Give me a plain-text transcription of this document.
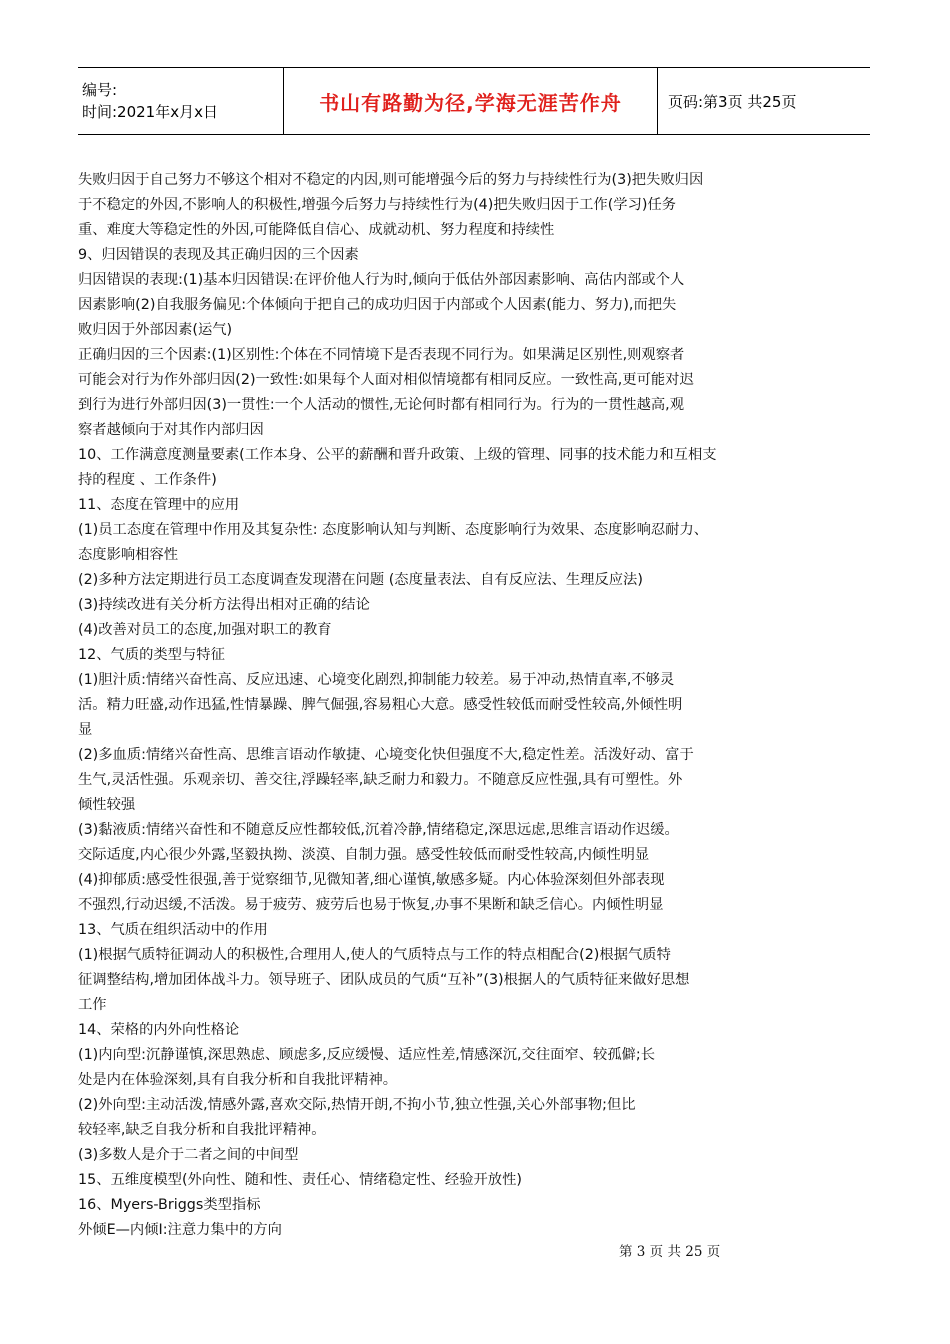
编号:
时间:2021年x月x日	书山有路勤为径,学海无涯苦作舟	页码:第3页 共25页
失败归因于自己努力不够这个相对不稳定的内因,则可能增强今后的努力与持续性行为(3)把失败归因
于不稳定的外因,不影响人的积极性,增强今后努力与持续性行为(4)把失败归因于工作(学习)任务
重、难度大等稳定性的外因,可能降低自信心、成就动机、努力程度和持续性
9、归因错误的表现及其正确归因的三个因素
归因错误的表现:(1)基本归因错误:在评价他人行为时,倾向于低估外部因素影响、高估内部或个人
因素影响(2)自我服务偏见:个体倾向于把自己的成功归因于内部或个人因素(能力、努力),而把失
败归因于外部因素(运气)
正确归因的三个因素:(1)区别性:个体在不同情境下是否表现不同行为。如果满足区别性,则观察者
可能会对行为作外部归因(2)一致性:如果每个人面对相似情境都有相同反应。一致性高,更可能对迟
到行为进行外部归因(3)一贯性:一个人活动的惯性,无论何时都有相同行为。行为的一贯性越高,观
察者越倾向于对其作内部归因
10、工作满意度测量要素(工作本身、公平的薪酬和晋升政策、上级的管理、同事的技术能力和互相支
持的程度 、工作条件)
11、态度在管理中的应用
(1)员工态度在管理中作用及其复杂性: 态度影响认知与判断、态度影响行为效果、态度影响忍耐力、
态度影响相容性
(2)多种方法定期进行员工态度调查发现潜在问题 (态度量表法、自有反应法、生理反应法)
(3)持续改进有关分析方法得出相对正确的结论
(4)改善对员工的态度,加强对职工的教育
12、气质的类型与特征
(1)胆汁质:情绪兴奋性高、反应迅速、心境变化剧烈,抑制能力较差。易于冲动,热情直率,不够灵
活。精力旺盛,动作迅猛,性情暴躁、脾气倔强,容易粗心大意。感受性较低而耐受性较高,外倾性明
显
(2)多血质:情绪兴奋性高、思维言语动作敏捷、心境变化快但强度不大,稳定性差。活泼好动、富于
生气,灵活性强。乐观亲切、善交往,浮躁轻率,缺乏耐力和毅力。不随意反应性强,具有可塑性。外
倾性较强
(3)黏液质:情绪兴奋性和不随意反应性都较低,沉着冷静,情绪稳定,深思远虑,思维言语动作迟缓。
交际适度,内心很少外露,坚毅执拗、淡漠、自制力强。感受性较低而耐受性较高,内倾性明显
(4)抑郁质:感受性很强,善于觉察细节,见微知著,细心谨慎,敏感多疑。内心体验深刻但外部表现
不强烈,行动迟缓,不活泼。易于疲劳、疲劳后也易于恢复,办事不果断和缺乏信心。内倾性明显
13、气质在组织活动中的作用
(1)根据气质特征调动人的积极性,合理用人,使人的气质特点与工作的特点相配合(2)根据气质特
征调整结构,增加团体战斗力。领导班子、团队成员的气质“互补”(3)根据人的气质特征来做好思想
工作
14、荣格的内外向性格论
(1)内向型:沉静谨慎,深思熟虑、顾虑多,反应缓慢、适应性差,情感深沉,交往面窄、较孤僻;长
处是内在体验深刻,具有自我分析和自我批评精神。
(2)外向型:主动活泼,情感外露,喜欢交际,热情开朗,不拘小节,独立性强,关心外部事物;但比
较轻率,缺乏自我分析和自我批评精神。
(3)多数人是介于二者之间的中间型
15、五维度模型(外向性、随和性、责任心、情绪稳定性、经验开放性)
16、Myers-Briggs类型指标
外倾E—内倾I:注意力集中的方向
第 3 页 共 25 页
